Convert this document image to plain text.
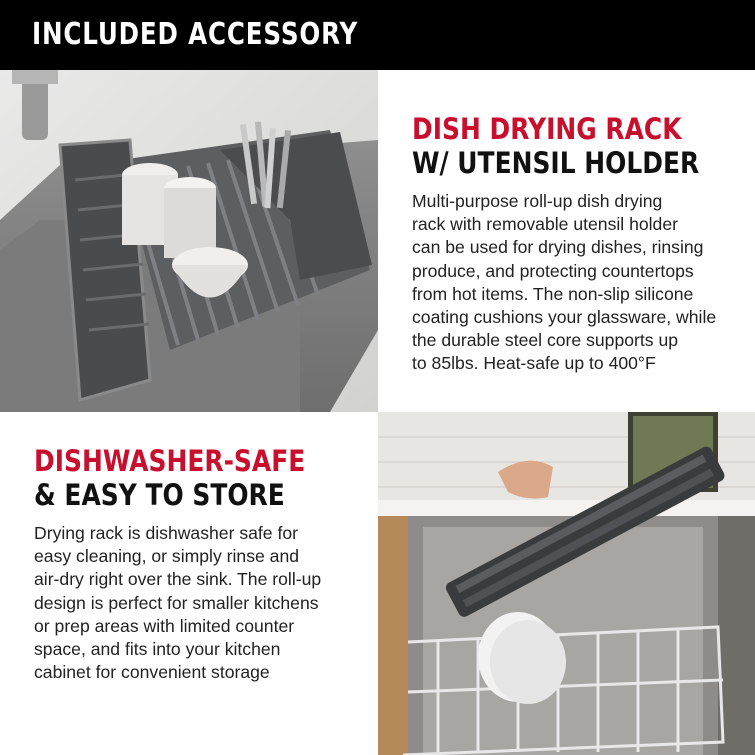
INCLUDED ACCESSORY
DISH DRYING RACK
W/ UTENSIL HOLDER
Multi-purpose roll-up dish drying
rack with removable utensil holder
can be used for drying dishes, rinsing
produce, and protecting countertops
from hot items. The non-slip silicone
coating cushions your glassware, while
the durable steel core supports up
to 85lbs. Heat-safe up to 400°F
DISHWASHER-SAFE
& EASY TO STORE
Drying rack is dishwasher safe for
easy cleaning, or simply rinse and
air-dry right over the sink. The roll-up
design is perfect for smaller kitchens
or prep areas with limited counter
space, and fits into your kitchen
cabinet for convenient storage
